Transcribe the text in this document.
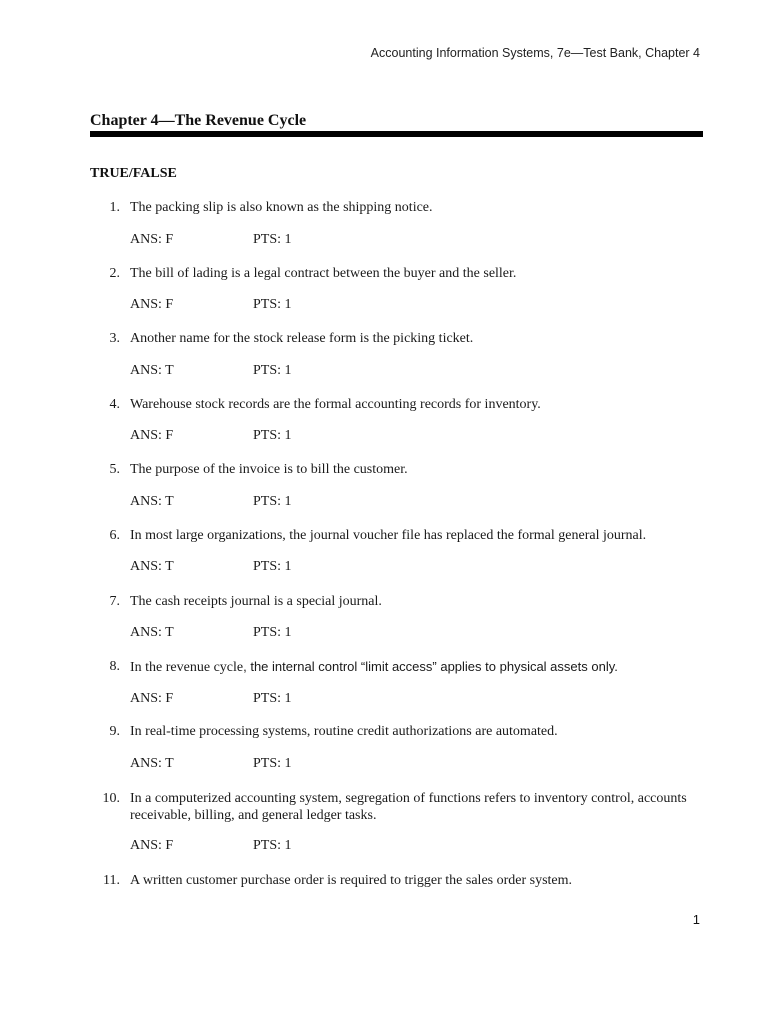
Accounting Information Systems, 7e—Test Bank, Chapter 4
Chapter 4—The Revenue Cycle
TRUE/FALSE
1. The packing slip is also known as the shipping notice.
ANS: F	PTS: 1
2. The bill of lading is a legal contract between the buyer and the seller.
ANS: F	PTS: 1
3. Another name for the stock release form is the picking ticket.
ANS: T	PTS: 1
4. Warehouse stock records are the formal accounting records for inventory.
ANS: F	PTS: 1
5. The purpose of the invoice is to bill the customer.
ANS: T	PTS: 1
6. In most large organizations, the journal voucher file has replaced the formal general journal.
ANS: T	PTS: 1
7. The cash receipts journal is a special journal.
ANS: T	PTS: 1
8. In the revenue cycle, the internal control “limit access” applies to physical assets only.
ANS: F	PTS: 1
9. In real-time processing systems, routine credit authorizations are automated.
ANS: T	PTS: 1
10. In a computerized accounting system, segregation of functions refers to inventory control, accounts
receivable, billing, and general ledger tasks.
ANS: F	PTS: 1
11. A written customer purchase order is required to trigger the sales order system.
1
